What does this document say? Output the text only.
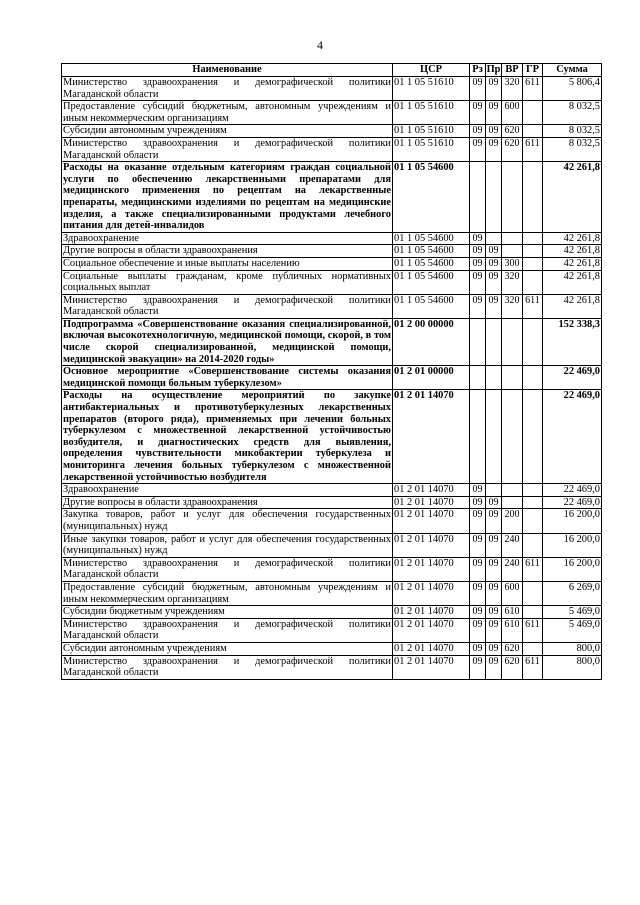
4
Наименование	ЦСР	Рз	Пр	ВР	ГР	Сумма
Министерство здравоохранения и демографической политики Магаданской области	01 1 05 51610	09	09	320	611	5 806,4
Предоставление субсидий бюджетным, автономным учреждениям и иным некоммерческим организациям	01 1 05 51610	09	09	600		8 032,5
Субсидии автономным учреждениям	01 1 05 51610	09	09	620		8 032,5
Министерство здравоохранения и демографической политики Магаданской области	01 1 05 51610	09	09	620	611	8 032,5
Расходы на оказание отдельным категориям граждан социальной услуги по обеспечению лекарственными препаратами для медицинского применения по рецептам на лекарственные препараты, медицинскими изделиями по рецептам на медицинские изделия, а также специализированными продуктами лечебного питания для детей-инвалидов	01 1 05 54600					42 261,8
Здравоохранение	01 1 05 54600	09				42 261,8
Другие вопросы в области здравоохранения	01 1 05 54600	09	09			42 261,8
Социальное обеспечение и иные выплаты населению	01 1 05 54600	09	09	300		42 261,8
Социальные выплаты гражданам, кроме публичных нормативных социальных выплат	01 1 05 54600	09	09	320		42 261,8
Министерство здравоохранения и демографической политики Магаданской области	01 1 05 54600	09	09	320	611	42 261,8
Подпрограмма «Совершенствование оказания специализированной, включая высокотехнологичную, медицинской помощи, скорой, в том числе скорой специализированной, медицинской помощи, медицинской эвакуации» на 2014-2020 годы»	01 2 00 00000					152 338,3
Основное мероприятие «Совершенствование системы оказания медицинской помощи больным туберкулезом»	01 2 01 00000					22 469,0
Расходы на осуществление мероприятий по закупке антибактериальных и противотуберкулезных лекарственных препаратов (второго ряда), применяемых при лечении больных туберкулезом с множественной лекарственной устойчивостью возбудителя, и диагностических средств для выявления, определения чувствительности микобактерии туберкулеза и мониторинга лечения больных туберкулезом с множественной лекарственной устойчивостью возбудителя	01 2 01 14070					22 469,0
Здравоохранение	01 2 01 14070	09				22 469,0
Другие вопросы в области здравоохранения	01 2 01 14070	09	09			22 469,0
Закупка товаров, работ и услуг для обеспечения государственных (муниципальных) нужд	01 2 01 14070	09	09	200		16 200,0
Иные закупки товаров, работ и услуг для обеспечения государственных (муниципальных) нужд	01 2 01 14070	09	09	240		16 200,0
Министерство здравоохранения и демографической политики Магаданской области	01 2 01 14070	09	09	240	611	16 200,0
Предоставление субсидий бюджетным, автономным учреждениям и иным некоммерческим организациям	01 2 01 14070	09	09	600		6 269,0
Субсидии бюджетным учреждениям	01 2 01 14070	09	09	610		5 469,0
Министерство здравоохранения и демографической политики Магаданской области	01 2 01 14070	09	09	610	611	5 469,0
Субсидии автономным учреждениям	01 2 01 14070	09	09	620		800,0
Министерство здравоохранения и демографической политики Магаданской области	01 2 01 14070	09	09	620	611	800,0
